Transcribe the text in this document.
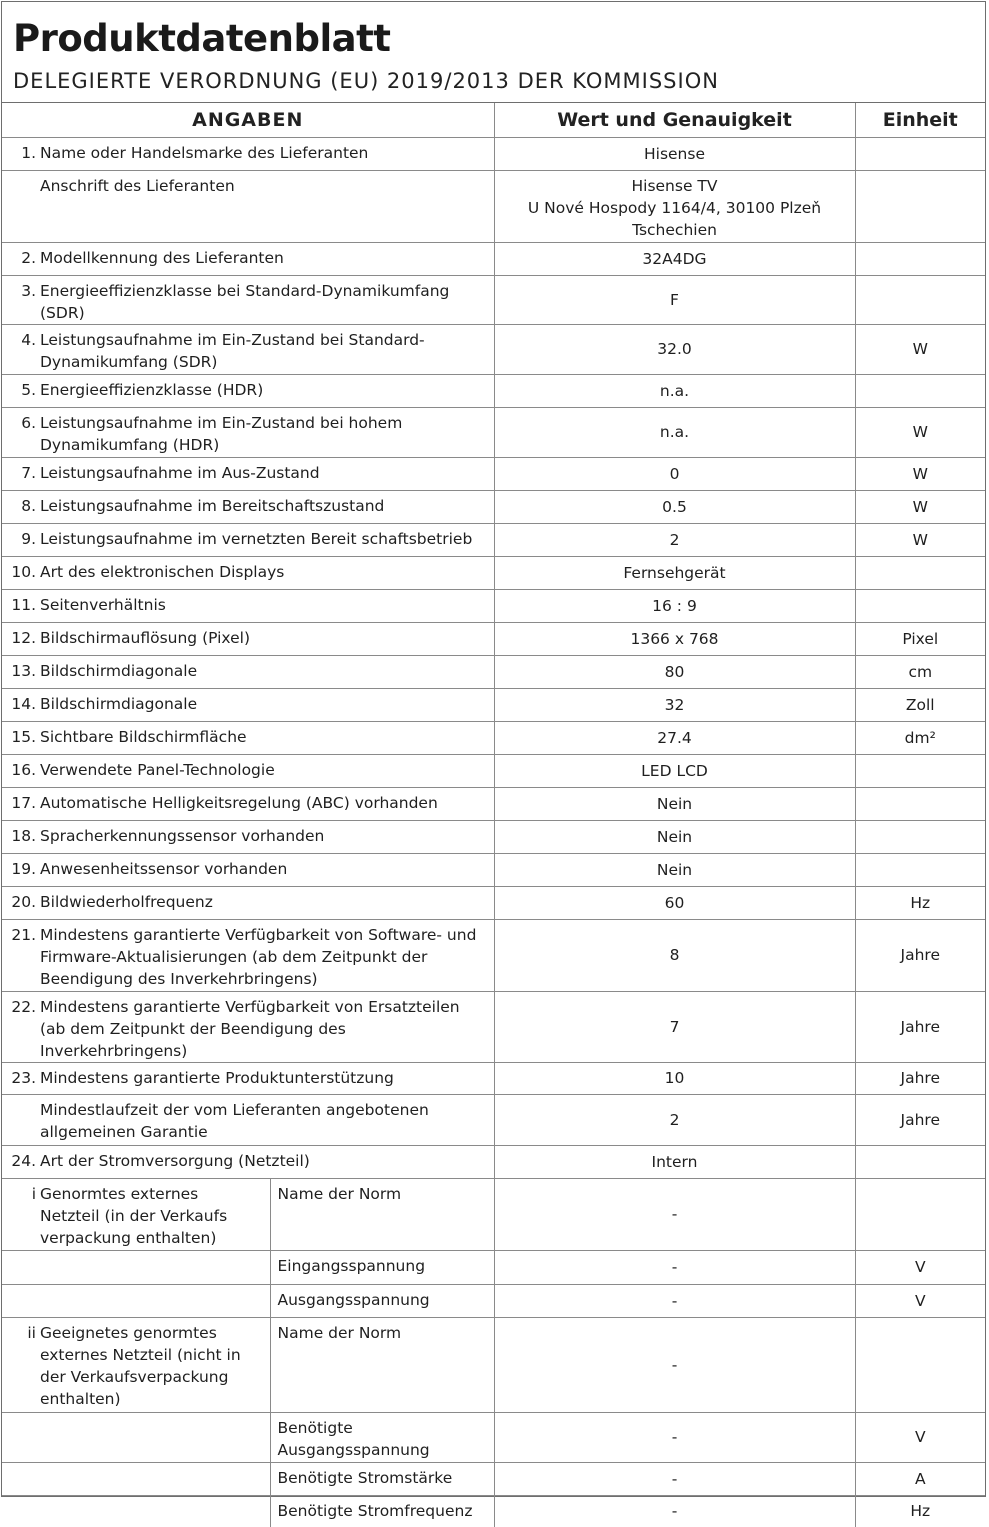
Produktdatenblatt
DELEGIERTE VERORDNUNG (EU) 2019/2013 DER KOMMISSION
ANGABEN		Wert und Genauigkeit	Einheit

1. Name oder Handelsmarke des Lieferanten		Hisense	

Anschrift des Lieferanten		Hisense TV
U Nové Hospody 1164/4, 30100 Plzeň
Tschechien	

2. Modellkennung des Lieferanten		32A4DG	

3. Energieeffizienzklasse bei Standard-Dynamikumfang (SDR)		F	

4. Leistungsaufnahme im Ein-Zustand bei Standard-Dynamikumfang (SDR)		32.0	W

5. Energieeffizienzklasse (HDR)		n.a.	

6. Leistungsaufnahme im Ein-Zustand bei hohem Dynamikumfang (HDR)		n.a.	W

7. Leistungsaufnahme im Aus-Zustand		0	W

8. Leistungsaufnahme im Bereitschaftszustand		0.5	W

9. Leistungsaufnahme im vernetzten Bereit schaftsbetrieb		2	W

10. Art des elektronischen Displays		Fernsehgerät	

11. Seitenverhältnis		16 : 9	

12. Bildschirmauflösung (Pixel)		1366 x 768	Pixel

13. Bildschirmdiagonale		80	cm

14. Bildschirmdiagonale		32	Zoll

15. Sichtbare Bildschirmfläche		27.4	dm²

16. Verwendete Panel-Technologie		LED LCD	

17. Automatische Helligkeitsregelung (ABC) vorhanden		Nein	

18. Spracherkennungssensor vorhanden		Nein	

19. Anwesenheitssensor vorhanden		Nein	

20. Bildwiederholfrequenz		60	Hz

21. Mindestens garantierte Verfügbarkeit von Software- und Firmware-Aktualisierungen (ab dem Zeitpunkt der Beendigung des Inverkehrbringens)		8	Jahre

22. Mindestens garantierte Verfügbarkeit von Ersatzteilen (ab dem Zeitpunkt der Beendigung des Inverkehrbringens)		7	Jahre

23. Mindestens garantierte Produktunterstützung		10	Jahre

Mindestlaufzeit der vom Lieferanten angebotenen allgemeinen Garantie		2	Jahre

24. Art der Stromversorgung (Netzteil)		Intern	

i Genormtes externes Netzteil (in der Verkaufs verpackung enthalten)	Name der Norm	-	
	Eingangsspannung	-	V
	Ausgangsspannung	-	V

ii Geeignetes genormtes externes Netzteil (nicht in der Verkaufsverpackung enthalten)	Name der Norm	-	
	Benötigte Ausgangsspannung	-	V
	Benötigte Stromstärke	-	A
	Benötigte Stromfrequenz	-	Hz
